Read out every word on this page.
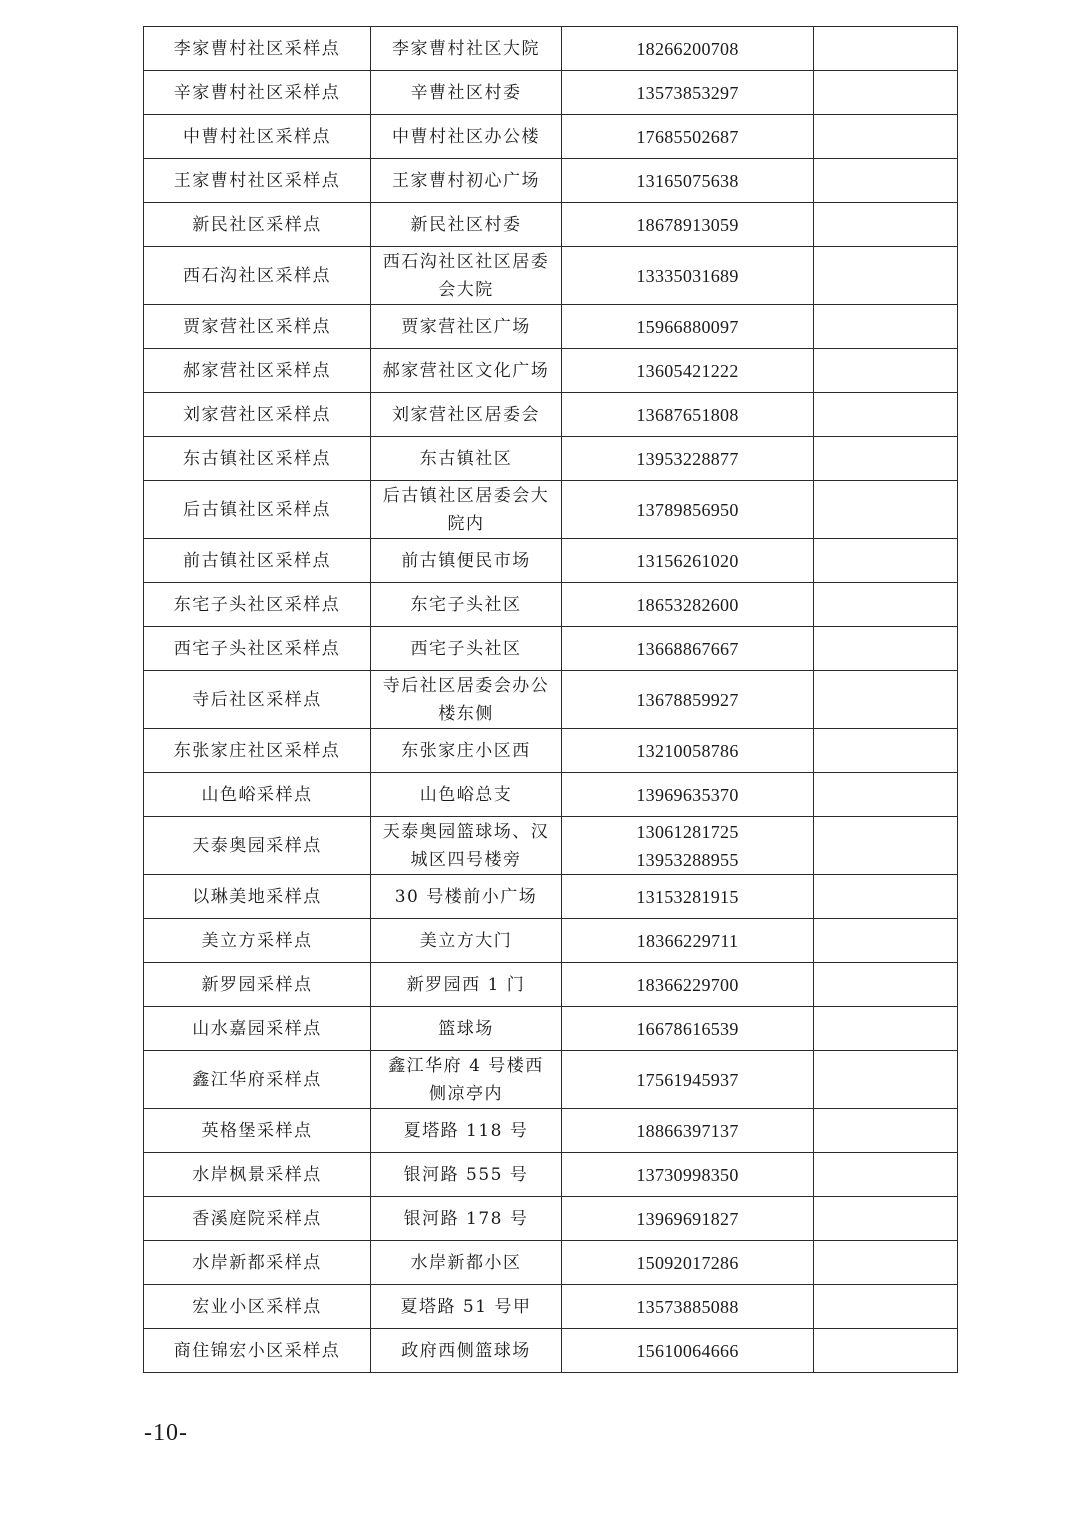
李家曹村社区采样点	李家曹村社区大院	18266200708	

辛家曹村社区采样点	辛曹社区村委	13573853297	

中曹村社区采样点	中曹村社区办公楼	17685502687	

王家曹村社区采样点	王家曹村初心广场	13165075638	

新民社区采样点	新民社区村委	18678913059	

西石沟社区采样点	西石沟社区社区居委会大院	13335031689	

贾家营社区采样点	贾家营社区广场	15966880097	

郝家营社区采样点	郝家营社区文化广场	13605421222	

刘家营社区采样点	刘家营社区居委会	13687651808	

东古镇社区采样点	东古镇社区	13953228877	

后古镇社区采样点	后古镇社区居委会大院内	13789856950	

前古镇社区采样点	前古镇便民市场	13156261020	

东宅子头社区采样点	东宅子头社区	18653282600	

西宅子头社区采样点	西宅子头社区	13668867667	

寺后社区采样点	寺后社区居委会办公楼东侧	13678859927	

东张家庄社区采样点	东张家庄小区西	13210058786	

山色峪采样点	山色峪总支	13969635370	

天泰奥园采样点	天泰奥园篮球场、汉城区四号楼旁	13061281725
13953288955	

以琳美地采样点	30 号楼前小广场	13153281915	

美立方采样点	美立方大门	18366229711	

新罗园采样点	新罗园西 1 门	18366229700	

山水嘉园采样点	篮球场	16678616539	

鑫江华府采样点	鑫江华府 4 号楼西侧凉亭内	17561945937	

英格堡采样点	夏塔路 118 号	18866397137	

水岸枫景采样点	银河路 555 号	13730998350	

香溪庭院采样点	银河路 178 号	13969691827	

水岸新都采样点	水岸新都小区	15092017286	

宏业小区采样点	夏塔路 51 号甲	13573885088	

商住锦宏小区采样点	政府西侧篮球场	15610064666	

-10-
